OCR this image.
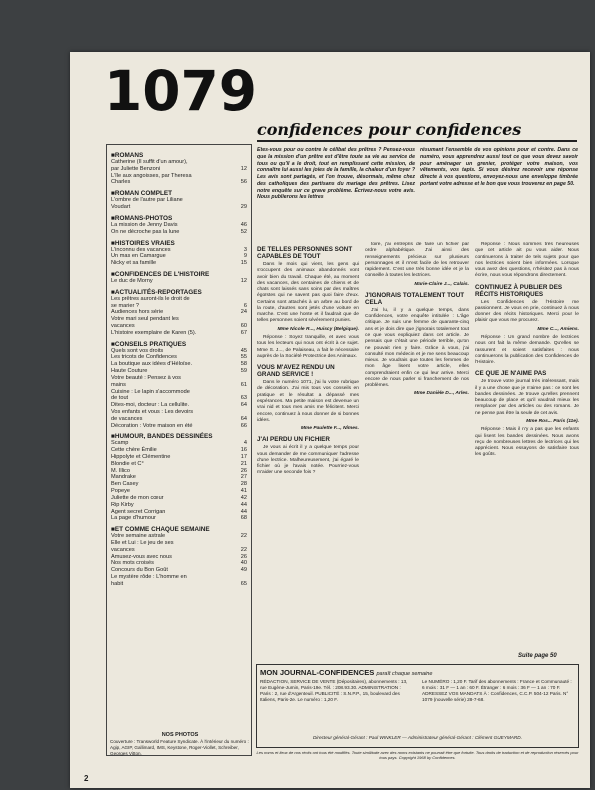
1079
confidences pour confidences
■ ROMANS
Catherine (Il suffit d'un amour),
par Juliette Benzoni	12
L'île aux angoisses, par Theresa
Charles	56
■ ROMAN COMPLET
L'ombre de l'autre par Liliane
Voudart	29
■ ROMANS-PHOTOS
La mission de Jenny Davis	46
On ne décroche pas la lune	52
■ HISTOIRES VRAIES
L'inconnu des vacances	3
Un mas en Camargue	9
Nicky et sa famille	15
■ CONFIDENCES DE L'HISTOIRE
Le duc de Morny	12
■ ACTUALITÉS-REPORTAGES
Les prêtres auront-ils le droit de
se marier ?	6
Audiences hors série	24
Votre mari seul pendant les
vacances	60
L'histoire exemplaire de Karen (5).	67
■ CONSEILS PRATIQUES
Quels sont vos droits	45
Les tricots de Confidences	55
La boutique aux idées d'Héloïse.	58
Haute Couture	59
Votre beauté : Pensez à vos
mains	61
Cuisine : Le lapin s'accommode
de tout	63
Dites-moi, docteur : La cellulite.	64
Vos enfants et vous : Les devoirs
de vacances	64
Décoration : Votre maison en été	66
■ HUMOUR, BANDES DESSINÉES
Scamp	4
Cette chère Émilie	16
Hippolyte et Clémentine	17
Blondie et C°	21
M. Illico	26
Mandrake	27
Ben Casey	28
Popeye	41
Juliette de mon cœur	42
Rip Kirby	44
Agent secret Corrigan	44
La page d'humour	68
■ ET COMME CHAQUE SEMAINE
Votre semaine astrale	22
Elle et Lui : Le jeu de ses
vacances	22
Amusez-vous avec nous	26
Nos mots croisés	40
Concours du Bon Goût	49
Le mystère rôde : L'homme en
habit	65
Êtes-vous pour ou contre le célibat des prêtres ? Pensez-vous que la mission d'un prêtre est d'être toute sa vie au service de tous ou qu'il a le droit, tout en remplissant cette mission, de connaître lui aussi les joies de la famille, la chaleur d'un foyer ? Les avis sont partagés, et l'on trouve, désormais, même chez des catholiques des partisans du mariage des prêtres. Lisez notre enquête sur ce grave problème. Écrivez-nous votre avis. Nous publierons les lettres
résumant l'ensemble de vos opinions pour et contre. Dans ce numéro, vous apprendrez aussi tout ce que vous devez savoir pour aménager un grenier, protéger votre maison, vos vêtements, vos tapis. Si vous désirez recevoir une réponse directe à vos questions, envoyez-nous une enveloppe timbrée portant votre adresse et le bon que vous trouverez en page 50.
DE TELLES PERSONNES SONT CAPABLES DE TOUT

Dans le mois qui vient, les gens qui s'occupent des animaux abandonnés vont avoir bien du travail. Chaque été, au moment des vacances, des centaines de chiens et de chats sont laissés sans soins par des maîtres égoïstes qui ne savent pas quoi faire d'eux. Certains sont attachés à un arbre au bord de la route, d'autres sont jetés d'une voiture en marche. C'est une honte et il faudrait que de telles personnes soient sévèrement punies.

Mme Nicole R..., Huiscy (Belgique).

Réponse : Soyez tranquille, et avec vous tous les lecteurs qui nous ont écrit à ce sujet. Mme S. J..., de Palaiseau, a fait le nécessaire auprès de la Société Protectrice des Animaux.

VOUS M'AVEZ RENDU UN GRAND SERVICE !

Dans le numéro 1071, j'ai lu votre rubrique de décoration. J'ai mis tous vos conseils en pratique et le résultat a dépassé mes espérances. Ma petite maison est devenue un vrai nid et tous mes amis me félicitent. Merci encore, continuez à nous donner de si bonnes idées.

Mme Paulette F..., Nîmes.

J'AI PERDU UN FICHIER

Je vous ai écrit il y a quelque temps pour vous demander de me communiquer l'adresse d'une lectrice. Malheureusement, j'ai égaré le fichier où je l'avais notée. Pourriez-vous m'aider une seconde fois ?

toire, j'ai entrepris de faire un fichier par ordre alphabétique. J'ai ainsi des renseignements précieux sur plusieurs personnages et il m'est facile de les retrouver rapidement. C'est une très bonne idée et je la conseille à toutes les lectrices.

Marie-Claire J..., Calais.

J'IGNORAIS TOTALEMENT TOUT CELA

J'ai lu, il y a quelque temps, dans Confidences, votre enquête intitulée : L'âge critique. Je suis une femme de quarante-cinq ans et je dois dire que j'ignorais totalement tout ce que vous expliquiez dans cet article. Je pensais que c'était une période terrible, qu'on ne pouvait rien y faire. Grâce à vous, j'ai consulté mon médecin et je me sens beaucoup mieux. Je voudrais que toutes les femmes de mon âge lisent votre article, elles comprendraient enfin ce qui leur arrive. Merci encore de nous parler si franchement de nos problèmes.

Mme Danièle D..., Arles.

Réponse : Nous sommes très heureuses que cet article ait pu vous aider. Nous continuerons à traiter de tels sujets pour que nos lectrices soient bien informées. Lorsque vous avez des questions, n'hésitez pas à nous écrire, nous vous répondrons directement.

CONTINUEZ À PUBLIER DES RÉCITS HISTORIQUES

Les Confidences de l'Histoire me passionnent. Je vous en prie, continuez à nous donner des récits historiques. Merci pour le plaisir que vous me procurez.

Mme C..., Amiens.

Réponse : Un grand nombre de lectrices nous ont fait la même demande. Qu'elles se rassurent et soient satisfaites : nous continuerons la publication des Confidences de l'Histoire.

CE QUE JE N'AIME PAS

Je trouve votre journal très intéressant, mais il y a une chose que je n'aime pas : ce sont les bandes dessinées. Je trouve qu'elles prennent beaucoup de place et qu'il vaudrait mieux les remplacer par des articles ou des romans. Je ne pense pas être la seule de cet avis.

Mme Ros... Paris (11e).

Réponse : Mais il n'y a pas que les enfants qui lisent les bandes dessinées. Nous avons reçu de nombreuses lettres de lectrices qui les apprécient. Nous essayons de satisfaire tous les goûts.

Suite page 50
MON JOURNAL-CONFIDENCES paraît chaque semaine
RÉDACTION, SERVICE DE VENTE (Dépositaires), abonnements : 13, rue Eugène-Jumin, Paris-19e. Tél. : 208.93.30. ADMINISTRATION : Paris : 2, rue d'Argenteuil. PUBLICITÉ : S.N.P.P., 15, boulevard des Italiens, Paris-2e. Le numéro : 1,20 F.
Le NUMÉRO : 1,20 F. Tarif des abonnements : France et Communauté : 6 mois : 31 F — 1 an : 60 F. Étranger : 6 mois : 36 F — 1 an : 70 F. ADRESSEZ VOS MANDATS À : Confidences, C.C.P. 504-12 Paris. N° 1079 (nouvelle série) 28-7-68.
Directeur général-Gérant : Paul WINKLER — Administrateur général-Gérant : Clément GUEYMARD.
NOS PHOTOS
Couverture : Transworld Feature Syndicate. À l'intérieur du numéro : Agip, AGIP, Gallimard, IMS, Keystone, Roger-Viollet, Schreiber, Georges Vitton.	Les noms et lieux de nos récits ont tous été modifiés. Toute similitude avec des noms existants ne pourrait être que fortuite. Tous droits de traduction et de reproduction réservés pour tous pays. Copyright 1968 by Confidences.
2
